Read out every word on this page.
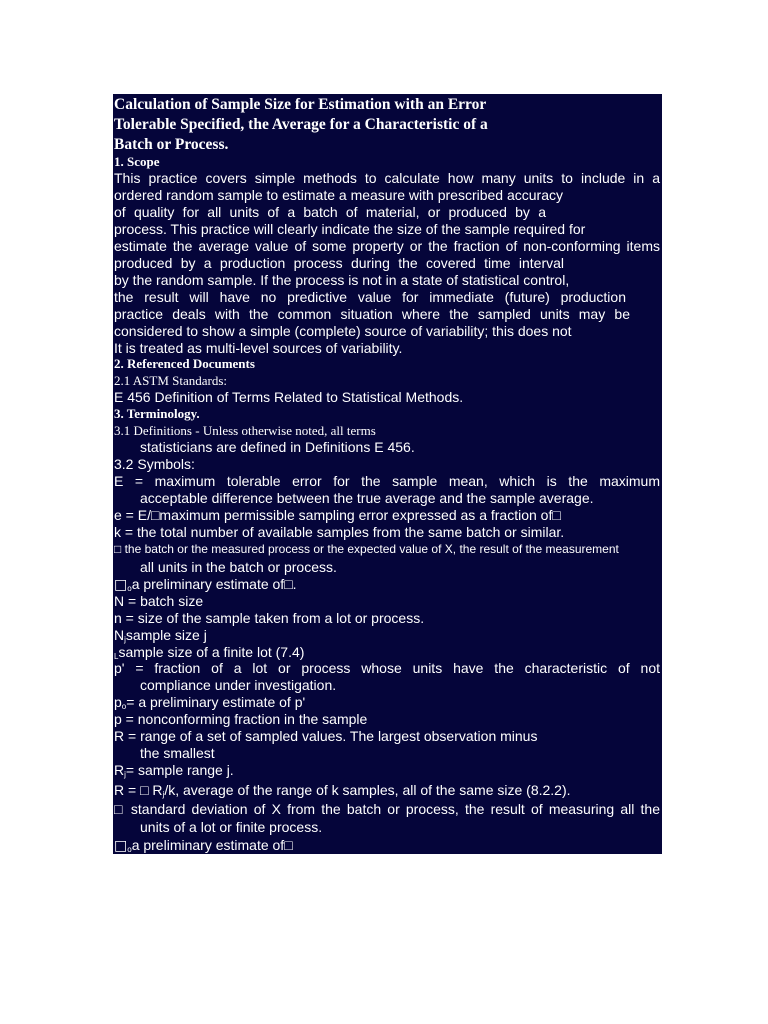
Calculation of Sample Size for Estimation with an Error
Tolerable Specified, the Average for a Characteristic of a
Batch or Process.
1. Scope
This practice covers simple methods to calculate how many units to include in a
ordered random sample to estimate a measure with prescribed accuracy
of quality for all units of a batch of material, or produced by a
process. This practice will clearly indicate the size of the sample required for
estimate the average value of some property or the fraction of non-conforming items
produced by a production process during the covered time interval
by the random sample. If the process is not in a state of statistical control,
the result will have no predictive value for immediate (future) production
practice deals with the common situation where the sampled units may be
considered to show a simple (complete) source of variability; this does not
It is treated as multi-level sources of variability.
2. Referenced Documents
2.1 ASTM Standards:
E 456 Definition of Terms Related to Statistical Methods.
3. Terminology.
3.1 Definitions - Unless otherwise noted, all terms
statisticians are defined in Definitions E 456.
3.2 Symbols:
E = maximum tolerable error for the sample mean, which is the maximum
acceptable difference between the true average and the sample average.
e = E/□maximum permissible sampling error expressed as a fraction of□
k = the total number of available samples from the same batch or similar.
□ the batch or the measured process or the expected value of X, the result of the measurement
all units in the batch or process.
$□_oa$ preliminary estimate of□.
N = batch size
n = size of the sample taken from a lot or process.
$N_jsample$ size j
$_L$sample size of a finite lot (7.4)
p' = fraction of a lot or process whose units have the characteristic of not
compliance under investigation.
$p_o= a$ preliminary estimate of p'
p = nonconforming fraction in the sample
R = range of a set of sampled values. The largest observation minus
the smallest
$R_j=$ sample range j.
R = □ $R_j/k$, average of the range of k samples, all of the same size (8.2.2).
□ standard deviation of X from the batch or process, the result of measuring all the
units of a lot or finite process.
$□_oa$ preliminary estimate of□
